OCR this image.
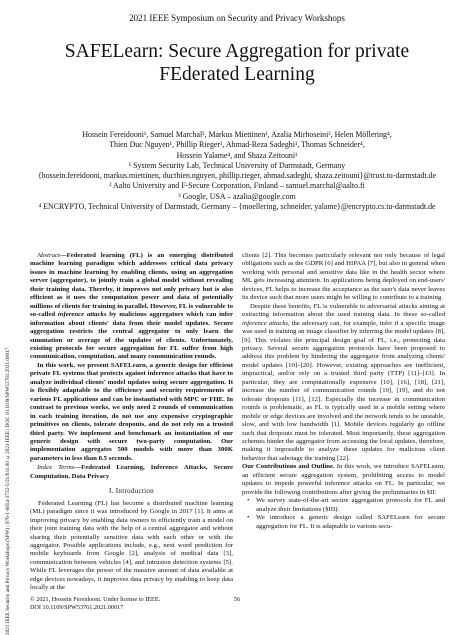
2021 IEEE Symposium on Security and Privacy Workshops
SAFELearn: Secure Aggregation for private
FEderated Learning
Hossein Fereidooni¹, Samuel Marchal², Markus Miettinen¹, Azalia Mirhoseini³, Helen Möllering⁴,
Thien Duc Nguyen¹, Phillip Rieger¹, Ahmad-Reza Sadeghi¹, Thomas Schneider⁴,
Hossein Yalame⁴, and Shaza Zeitouni¹
¹ System Security Lab, Technical University of Darmstadt, Germany
{hossein.fereidooni, markus.miettinen, ducthien.nguyen, phillip.rieger, ahmad.sadeghi, shaza.zeitouni}@trust.tu-darmstadt.de
² Aalto University and F-Secure Corporation, Finland – samuel.marchal@aalto.fi
³ Google, USA – azalia@google.com
⁴ ENCRYPTO, Technical University of Darmstadt, Germany – {moellering, schneider, yalame}@encrypto.cs.tu-darmstadt.de
2021 IEEE Security and Privacy Workshops (SPW) | 978-1-6654-3732-5/21/$31.00 ©2021 IEEE | DOI: 10.1109/SPW53761.2021.00017

Abstract—Federated learning (FL) is an emerging distributed machine learning paradigm which addresses critical data privacy issues in machine learning by enabling clients, using an aggregation server (aggregator), to jointly train a global model without revealing their training data. Thereby, it improves not only privacy but is also efficient as it uses the computation power and data of potentially millions of clients for training in parallel. However, FL is vulnerable to so-called inference attacks by malicious aggregators which can infer information about clients' data from their model updates. Secure aggregation restricts the central aggregator to only learn the summation or average of the updates of clients. Unfortunately, existing protocols for secure aggregation for FL suffer from high communication, computation, and many communication rounds.

In this work, we present SAFELearn, a generic design for efficient private FL systems that protects against inference attacks that have to analyze individual clients' model updates using secure aggregation. It is flexibly adaptable to the efficiency and security requirements of various FL applications and can be instantiated with MPC or FHE. In contrast to previous works, we only need 2 rounds of communication in each training iteration, do not use any expensive cryptographic primitives on clients, tolerate dropouts, and do not rely on a trusted third party. We implement and benchmark an instantiation of our generic design with secure two-party computation. Our implementation aggregates 500 models with more than 300K parameters in less than 0.5 seconds.

Index Terms—Federated Learning, Inference Attacks, Secure Computation, Data Privacy

I. Introduction

Federated Learning (FL) has become a distributed machine learning (ML) paradigm since it was introduced by Google in 2017 [1]. It aims at improving privacy by enabling data owners to efficiently train a model on their joint training data with the help of a central aggregator and without sharing their potentially sensitive data with each other or with the aggregator. Possible applications include, e.g., next word prediction for mobile keyboards from Google [2], analysis of medical data [3], communication between vehicles [4], and intrusion detection systems [5]. While FL leverages the power of the massive amount of data available at edge devices nowadays, it improves data privacy by enabling to keep data locally at the

clients [2]. This becomes particularly relevant not only because of legal obligations such as the GDPR [6] and HIPAA [7], but also in general when working with personal and sensitive data like in the health sector where ML gets increasing attention. In applications being deployed on end-users' devices, FL helps to increase the acceptance as the user's data never leaves its device such that more users might be willing to contribute to a training.

Despite these benefits, FL is vulnerable to adversarial attacks aiming at extracting information about the used training data. In these so-called inference attacks, the adversary can, for example, infer if a specific image was used in training an image classifier by inferring the model updates [8], [9]. This violates the principal design goal of FL, i.e., protecting data privacy. Several secure aggregation protocols have been proposed to address this problem by hindering the aggregator from analyzing clients' model updates [10]–[20]. However, existing approaches are inefficient, impractical, and/or rely on a trusted third party (TTP) [11]–[13]. In particular, they are computationally expensive [10], [16], [18], [21], increase the number of communication rounds [10], [19], and do not tolerate dropouts [11], [12]. Especially the increase in communication rounds is problematic, as FL is typically used in a mobile setting where mobile or edge devices are involved and the network tends to be unstable, slow, and with low bandwidth [1]. Mobile devices regularly go offline such that dropouts must be tolerated. Most importantly, these aggregation schemes hinder the aggregator from accessing the local updates, therefore, making it impossible to analyze these updates for malicious client behavior that sabotage the training [22].

Our Contributions and Outline. In this work, we introduce SAFELearn, an efficient secure aggregation system, prohibiting access to model updates to impede powerful inference attacks on FL. In particular, we provide the following contributions after giving the preliminaries in §II:

• We survey state-of-the-art secure aggregation protocols for FL and analyze their limitations (§III).
• We introduce a generic design called SAFELearn for secure aggregation for FL. It is adaptable to various secu-
© 2021, Hossein Fereidooni. Under license to IEEE.
DOI 10.1109/SPW53761.2021.00017
56
